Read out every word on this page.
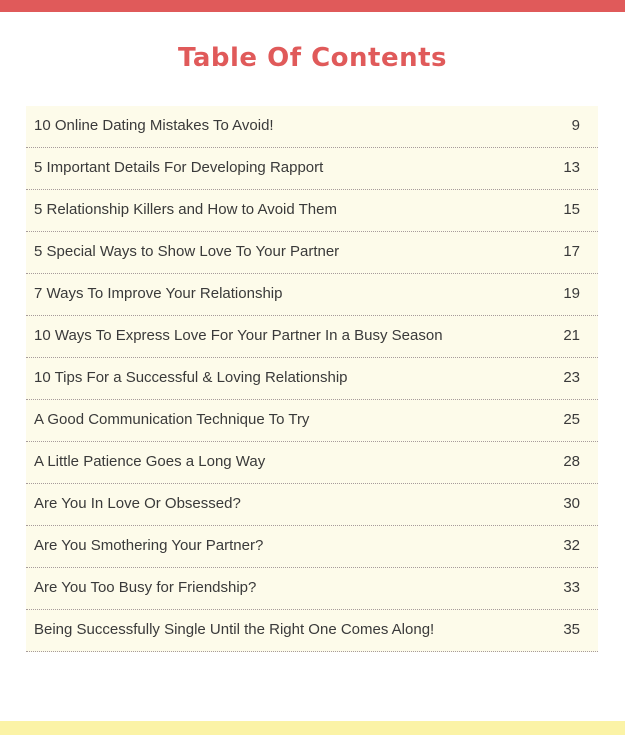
Table Of Contents
10 Online Dating Mistakes To Avoid!	9
5 Important Details For Developing Rapport	13
5 Relationship Killers and How to Avoid Them	15
5 Special Ways to Show Love To Your Partner	17
7 Ways To Improve Your Relationship	19
10 Ways To Express Love For Your Partner In a Busy Season	21
10 Tips For a Successful & Loving Relationship	23
A Good Communication Technique To Try	25
A Little Patience Goes a Long Way	28
Are You In Love Or Obsessed?	30
Are You Smothering Your Partner?	32
Are You Too Busy for Friendship?	33
Being Successfully Single Until the Right One Comes Along!	35
